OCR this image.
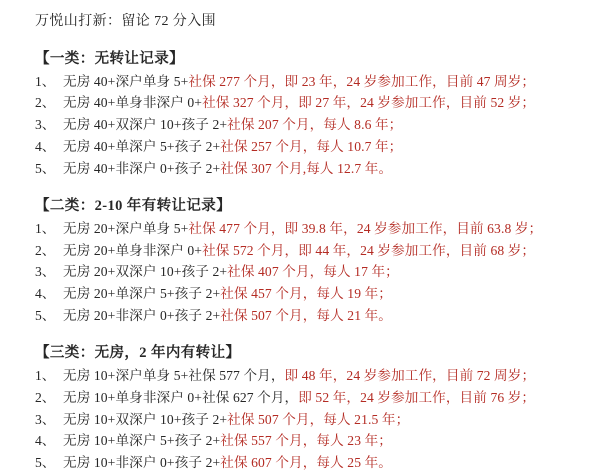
万悦山打新：留论 72 分入围
【一类：无转让记录】
1、 无房 40+深户单身 5+社保 277 个月，即 23 年，24 岁参加工作，目前 47 周岁；
2、 无房 40+单身非深户 0+社保 327 个月，即 27 年，24 岁参加工作，目前 52 岁；
3、 无房 40+双深户 10+孩子 2+社保 207 个月，每人 8.6 年；
4、 无房 40+单深户 5+孩子 2+社保 257 个月，每人 10.7 年；
5、 无房 40+非深户 0+孩子 2+社保 307 个月,每人 12.7 年。
【二类：2-10 年有转让记录】
1、 无房 20+深户单身 5+社保 477 个月，即 39.8 年，24 岁参加工作，目前 63.8 岁；
2、 无房 20+单身非深户 0+社保 572 个月，即 44 年，24 岁参加工作，目前 68 岁；
3、 无房 20+双深户 10+孩子 2+社保 407 个月，每人 17 年；
4、 无房 20+单深户 5+孩子 2+社保 457 个月，每人 19 年；
5、 无房 20+非深户 0+孩子 2+社保 507 个月，每人 21 年。
【三类：无房，2 年内有转让】
1、 无房 10+深户单身 5+社保 577 个月，即 48 年，24 岁参加工作，目前 72 周岁；
2、 无房 10+单身非深户 0+社保 627 个月，即 52 年，24 岁参加工作，目前 76 岁；
3、 无房 10+双深户 10+孩子 2+社保 507 个月，每人 21.5 年；
4、 无房 10+单深户 5+孩子 2+社保 557 个月，每人 23 年；
5、 无房 10+非深户 0+孩子 2+社保 607 个月，每人 25 年。
